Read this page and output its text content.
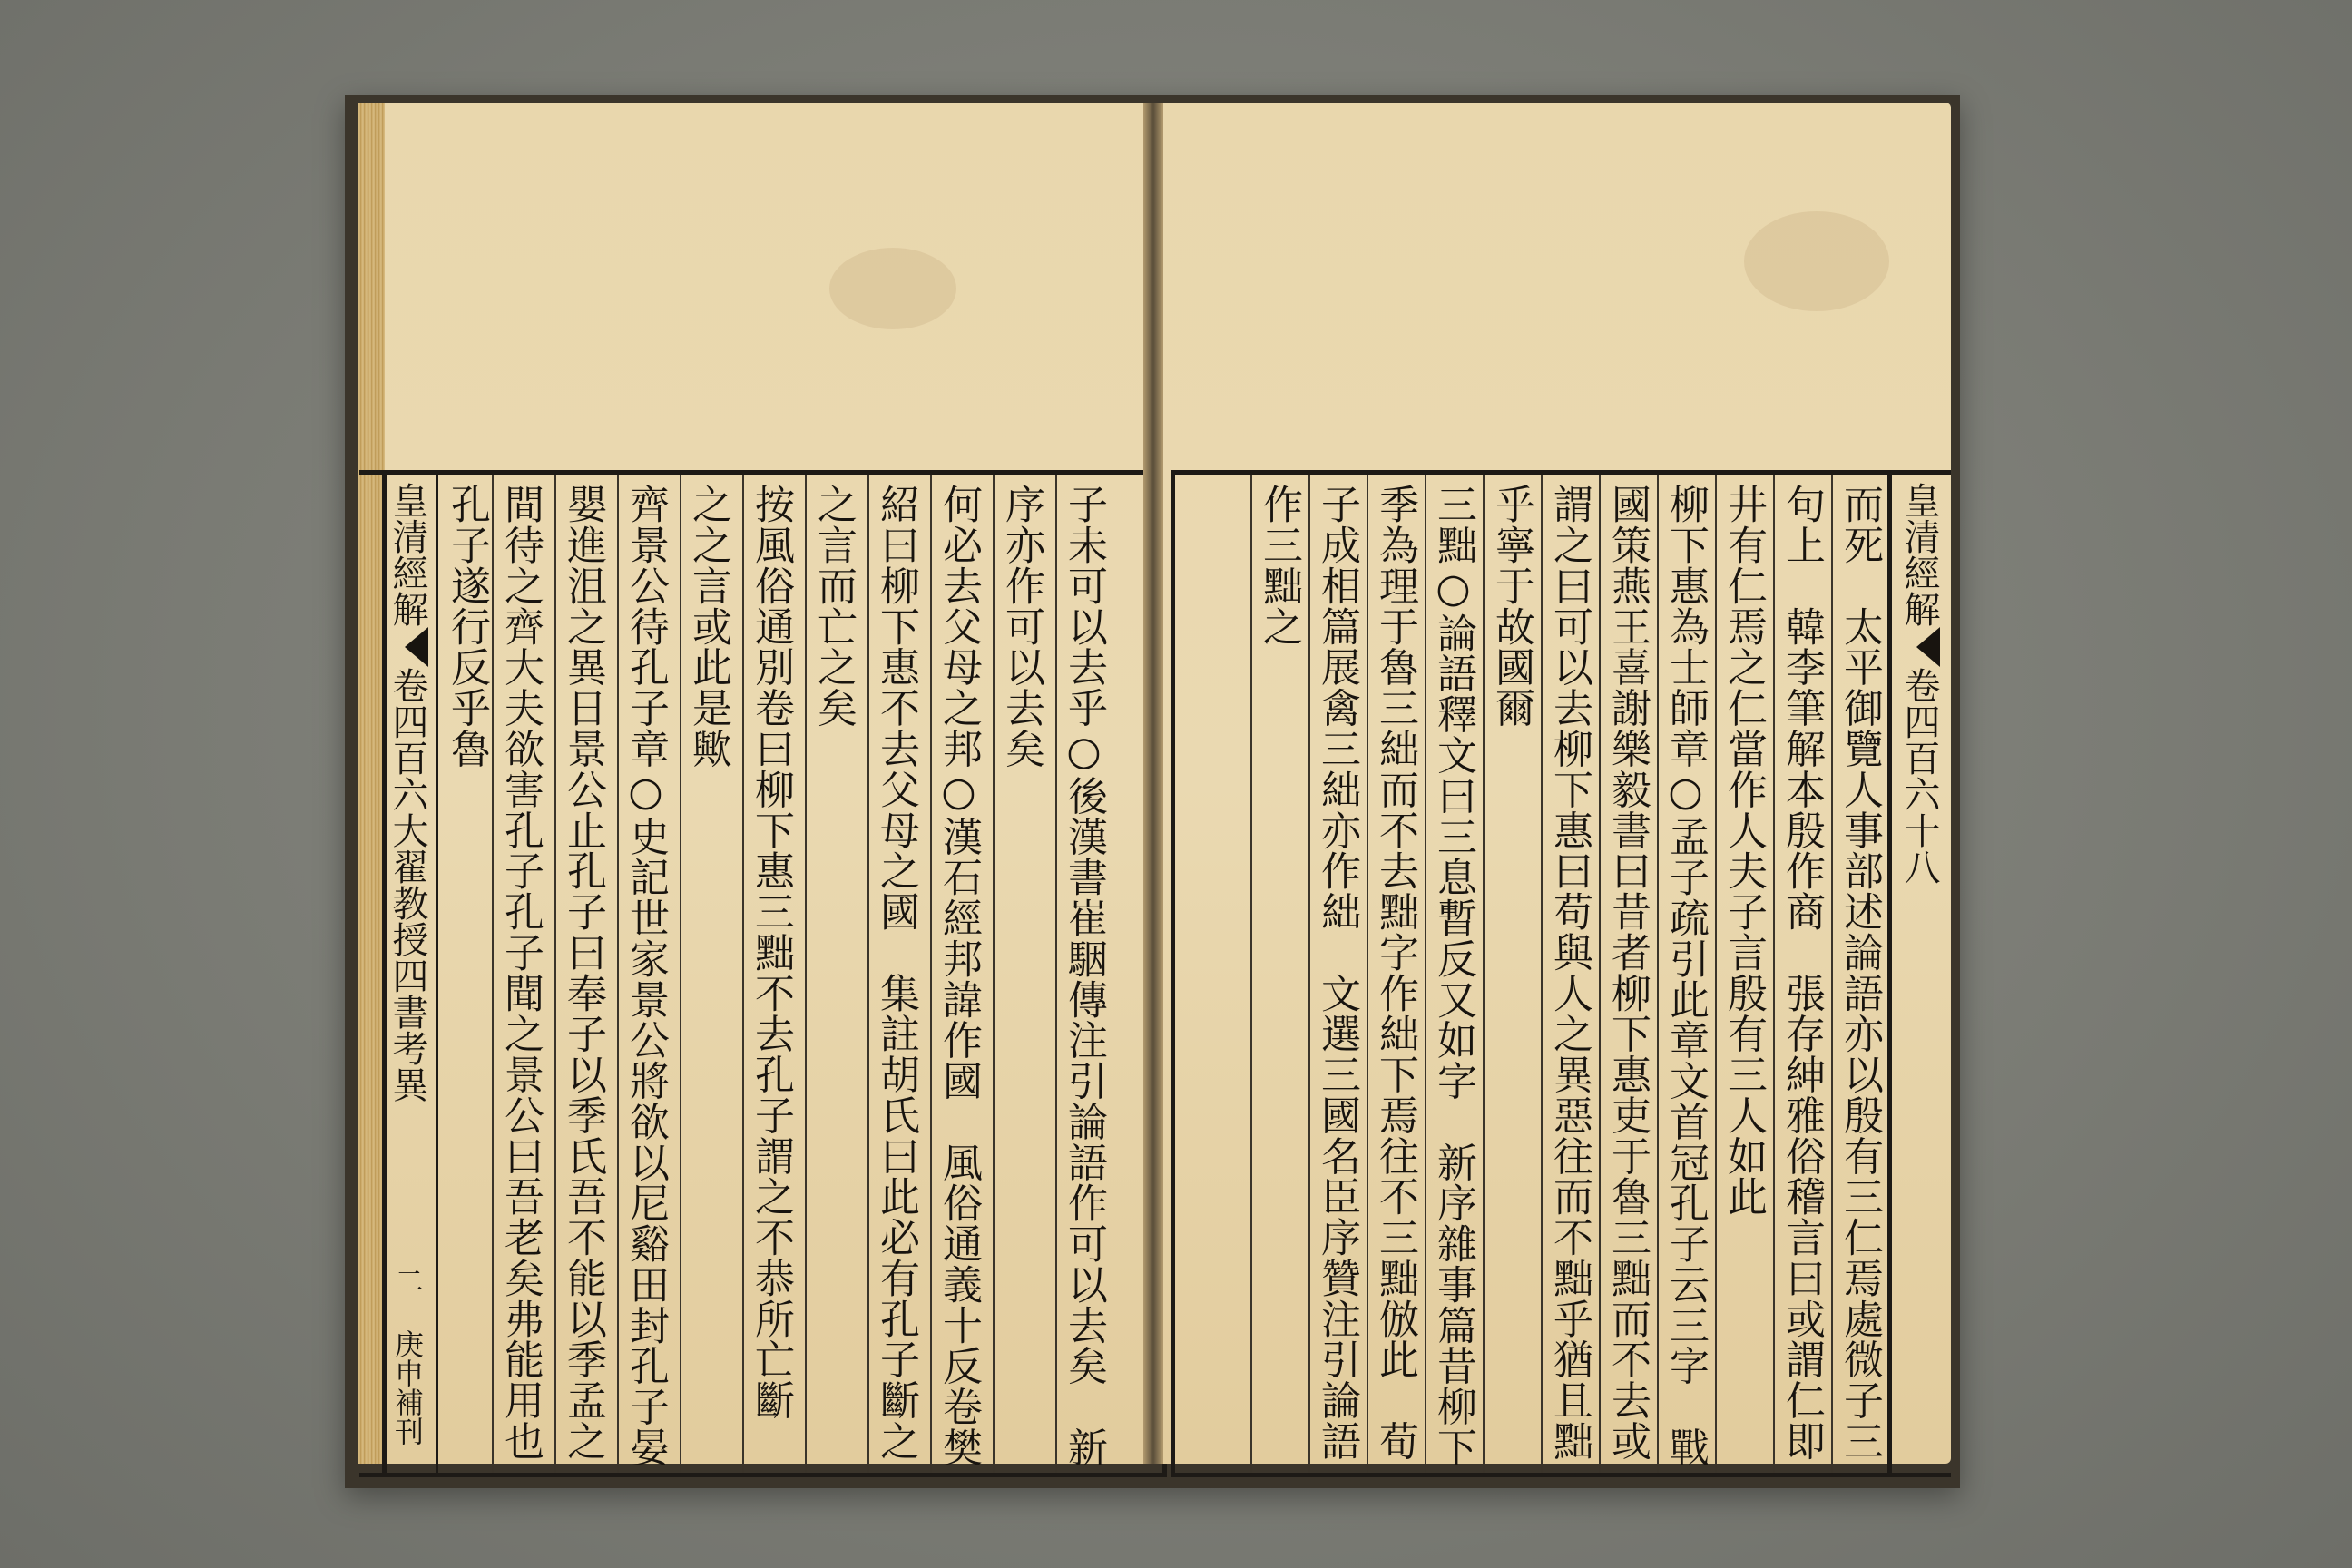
皇清經解卷四百六大翟教授四書考異二 庚申補刊	子未可以去乎○後漢書崔駰傳注引論語作可以去矣　新
序亦作可以去矣
何必去父母之邦○漢石經邦諱作國　風俗通義十反卷樊
紹曰柳下惠不去父母之國　集註胡氏曰此必有孔子斷之
之言而亡之矣
按風俗通別卷曰柳下惠三黜不去孔子謂之不恭所亡斷
之之言或此是歟
齊景公待孔子章○史記世家景公將欲以尼谿田封孔子晏
嬰進沮之異日景公止孔子曰奉子以季氏吾不能以季孟之
間待之齊大夫欲害孔子孔子聞之景公曰吾老矣弗能用也
孔子遂行反乎魯	皇清經解卷四百六十八
而死　太平御覽人事部述論語亦以殷有三仁焉處微子三
句上　韓李筆解本殷作商　張存紳雅俗稽言曰或謂仁即
井有仁焉之仁當作人夫子言殷有三人如此
柳下惠為士師章○孟子疏引此章文首冠孔子云三字　戰
國策燕王喜謝樂毅書曰昔者柳下惠吏于魯三黜而不去或
謂之曰可以去柳下惠曰苟與人之異惡往而不黜乎猶且黜
乎寧于故國爾
三黜○論語釋文曰三息暫反又如字　新序雜事篇昔柳下
季為理于魯三絀而不去黜字作絀下焉往不三黜倣此　荀
子成相篇展禽三絀亦作絀　文選三國名臣序贊注引論語
作三黜之
